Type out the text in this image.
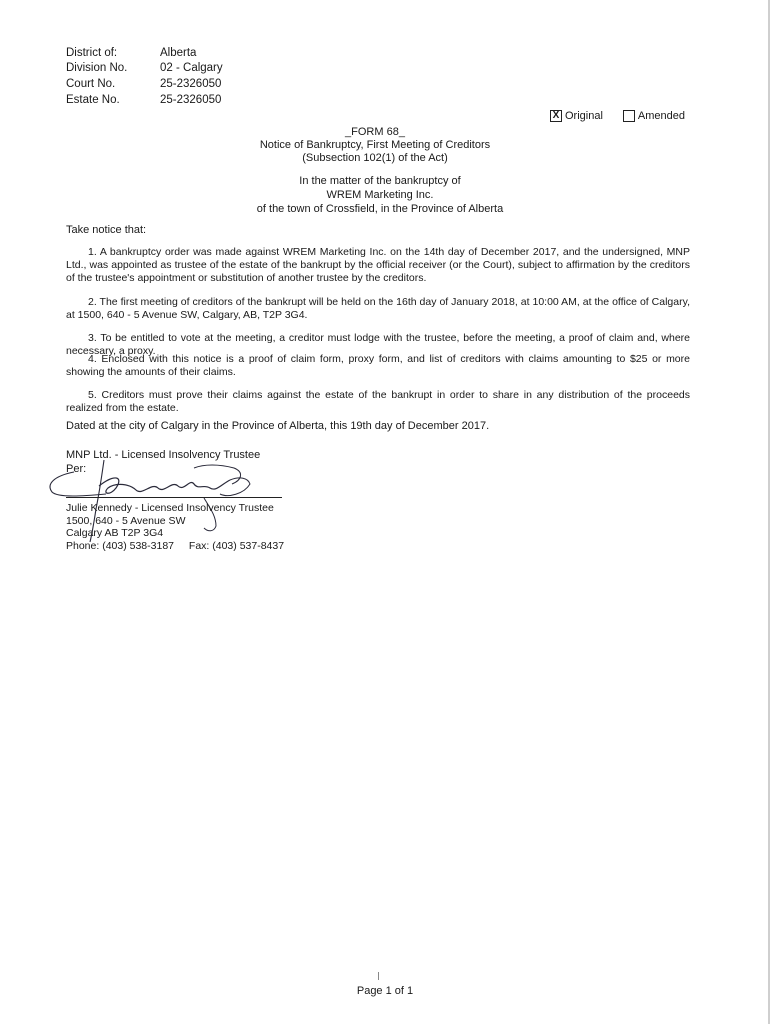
District of:	Alberta
Division No.	02 - Calgary
Court No.	25-2326050
Estate No.	25-2326050
X Original	Amended
_FORM 68_
Notice of Bankruptcy, First Meeting of Creditors
(Subsection 102(1) of the Act)
In the matter of the bankruptcy of
WREM Marketing Inc.
of the town of Crossfield, in the Province of Alberta
Take notice that:
1. A bankruptcy order was made against WREM Marketing Inc. on the 14th day of December 2017, and the undersigned, MNP Ltd., was appointed as trustee of the estate of the bankrupt by the official receiver (or the Court), subject to affirmation by the creditors of the trustee's appointment or substitution of another trustee by the creditors.
2. The first meeting of creditors of the bankrupt will be held on the 16th day of January 2018, at 10:00 AM, at the office of Calgary, at 1500, 640 - 5 Avenue SW, Calgary, AB, T2P 3G4.
3. To be entitled to vote at the meeting, a creditor must lodge with the trustee, before the meeting, a proof of claim and, where necessary, a proxy.
4. Enclosed with this notice is a proof of claim form, proxy form, and list of creditors with claims amounting to $25 or more showing the amounts of their claims.
5. Creditors must prove their claims against the estate of the bankrupt in order to share in any distribution of the proceeds realized from the estate.
Dated at the city of Calgary in the Province of Alberta, this 19th day of December 2017.
MNP Ltd. - Licensed Insolvency Trustee
Per:
Julie Kennedy - Licensed Insolvency Trustee
1500, 640 - 5 Avenue SW
Calgary AB T2P 3G4
Phone: (403) 538-3187 Fax: (403) 537-8437
Page 1 of 1
